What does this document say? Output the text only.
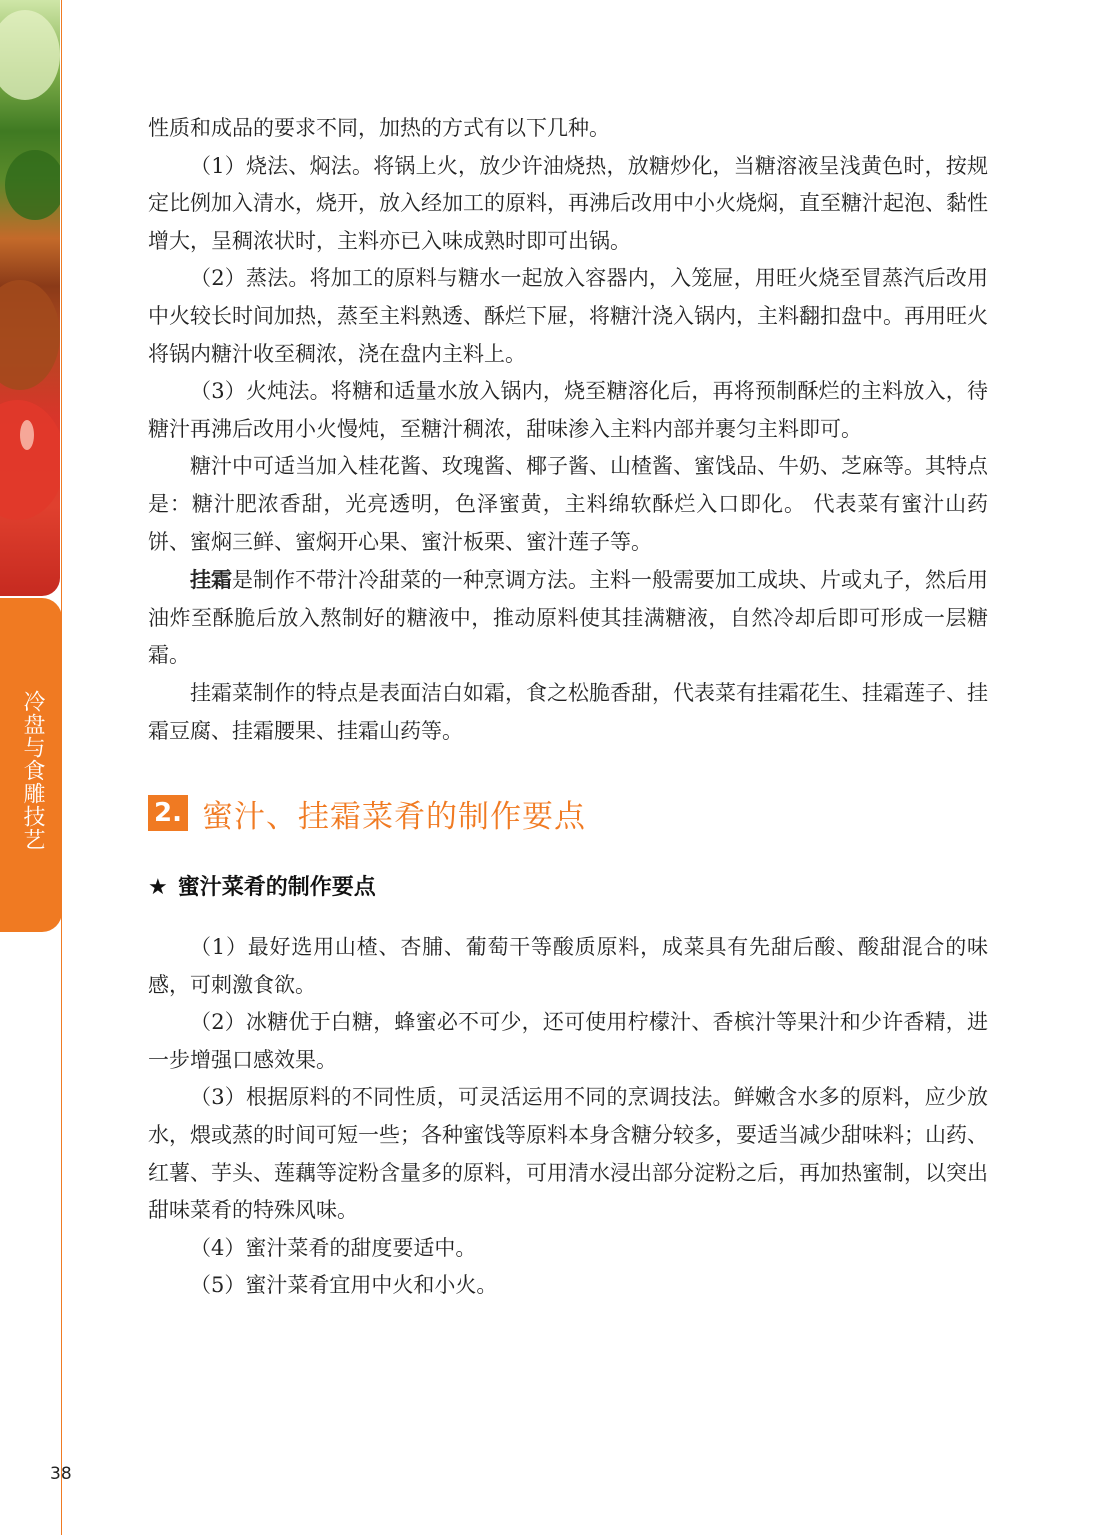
冷盘与食雕技艺

性质和成品的要求不同，加热的方式有以下几种。

（1）烧法、焖法。将锅上火，放少许油烧热，放糖炒化，当糖溶液呈浅黄色时，按规定比例加入清水，烧开，放入经加工的原料，再沸后改用中小火烧焖，直至糖汁起泡、黏性增大，呈稠浓状时，主料亦已入味成熟时即可出锅。

（2）蒸法。将加工的原料与糖水一起放入容器内，入笼屉，用旺火烧至冒蒸汽后改用中火较长时间加热，蒸至主料熟透、酥烂下屉，将糖汁浇入锅内，主料翻扣盘中。再用旺火将锅内糖汁收至稠浓，浇在盘内主料上。

（3）火炖法。将糖和适量水放入锅内，烧至糖溶化后，再将预制酥烂的主料放入，待糖汁再沸后改用小火慢炖，至糖汁稠浓，甜味渗入主料内部并裹匀主料即可。

糖汁中可适当加入桂花酱、玫瑰酱、椰子酱、山楂酱、蜜饯品、牛奶、芝麻等。其特点是：糖汁肥浓香甜，光亮透明，色泽蜜黄，主料绵软酥烂入口即化。 代表菜有蜜汁山药饼、蜜焖三鲜、蜜焖开心果、蜜汁板栗、蜜汁莲子等。

挂霜是制作不带汁冷甜菜的一种烹调方法。主料一般需要加工成块、片或丸子，然后用油炸至酥脆后放入熬制好的糖液中，推动原料使其挂满糖液，自然冷却后即可形成一层糖霜。

挂霜菜制作的特点是表面洁白如霜，食之松脆香甜，代表菜有挂霜花生、挂霜莲子、挂霜豆腐、挂霜腰果、挂霜山药等。

2. 蜜汁、挂霜菜肴的制作要点
★ 蜜汁菜肴的制作要点

（1）最好选用山楂、杏脯、葡萄干等酸质原料，成菜具有先甜后酸、酸甜混合的味感，可刺激食欲。

（2）冰糖优于白糖，蜂蜜必不可少，还可使用柠檬汁、香槟汁等果汁和少许香精，进一步增强口感效果。

（3）根据原料的不同性质，可灵活运用不同的烹调技法。鲜嫩含水多的原料，应少放水，煨或蒸的时间可短一些；各种蜜饯等原料本身含糖分较多，要适当减少甜味料；山药、红薯、芋头、莲藕等淀粉含量多的原料，可用清水浸出部分淀粉之后，再加热蜜制，以突出甜味菜肴的特殊风味。

（4）蜜汁菜肴的甜度要适中。

（5）蜜汁菜肴宜用中火和小火。

38
